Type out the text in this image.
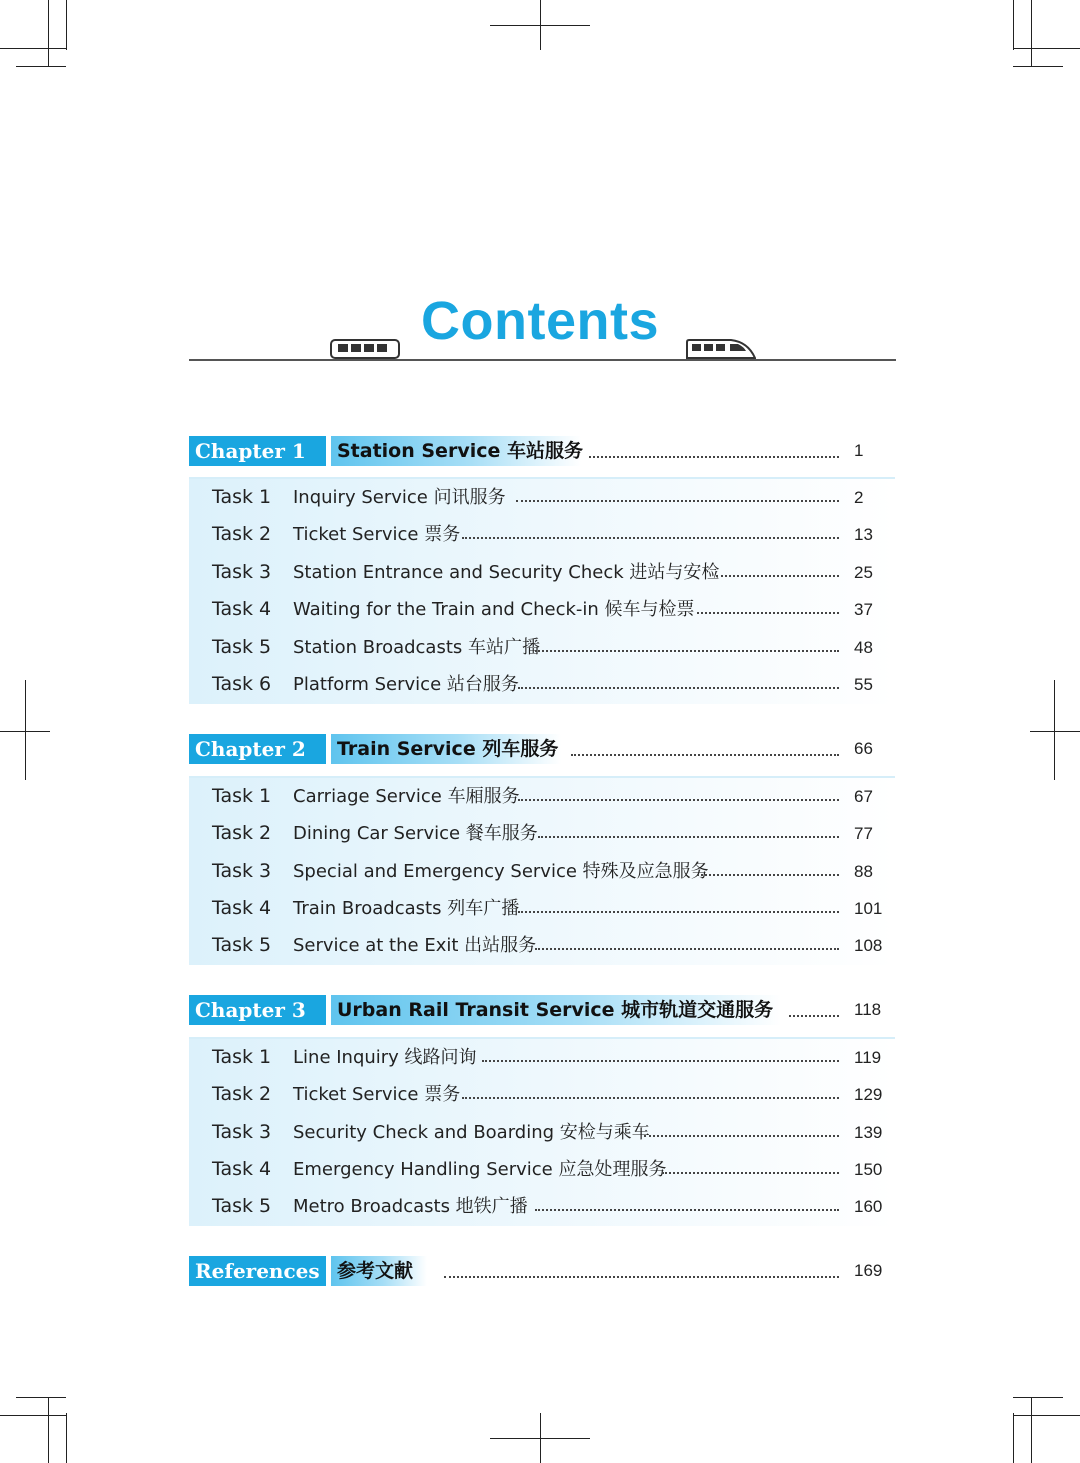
Contents
Chapter 1	Station Service 车站服务	1
Task 1 Inquiry Service 问讯服务	2
Task 2 Ticket Service 票务	13
Task 3 Station Entrance and Security Check 进站与安检	25
Task 4 Waiting for the Train and Check-in 候车与检票	37
Task 5 Station Broadcasts 车站广播	48
Task 6 Platform Service 站台服务	55
Chapter 2	Train Service 列车服务	66
Task 1 Carriage Service 车厢服务	67
Task 2 Dining Car Service 餐车服务	77
Task 3 Special and Emergency Service 特殊及应急服务	88
Task 4 Train Broadcasts 列车广播	101
Task 5 Service at the Exit 出站服务	108
Chapter 3	Urban Rail Transit Service 城市轨道交通服务	118
Task 1 Line Inquiry 线路问询	119
Task 2 Ticket Service 票务	129
Task 3 Security Check and Boarding 安检与乘车	139
Task 4 Emergency Handling Service 应急处理服务	150
Task 5 Metro Broadcasts 地铁广播	160
References 参考文献	169
